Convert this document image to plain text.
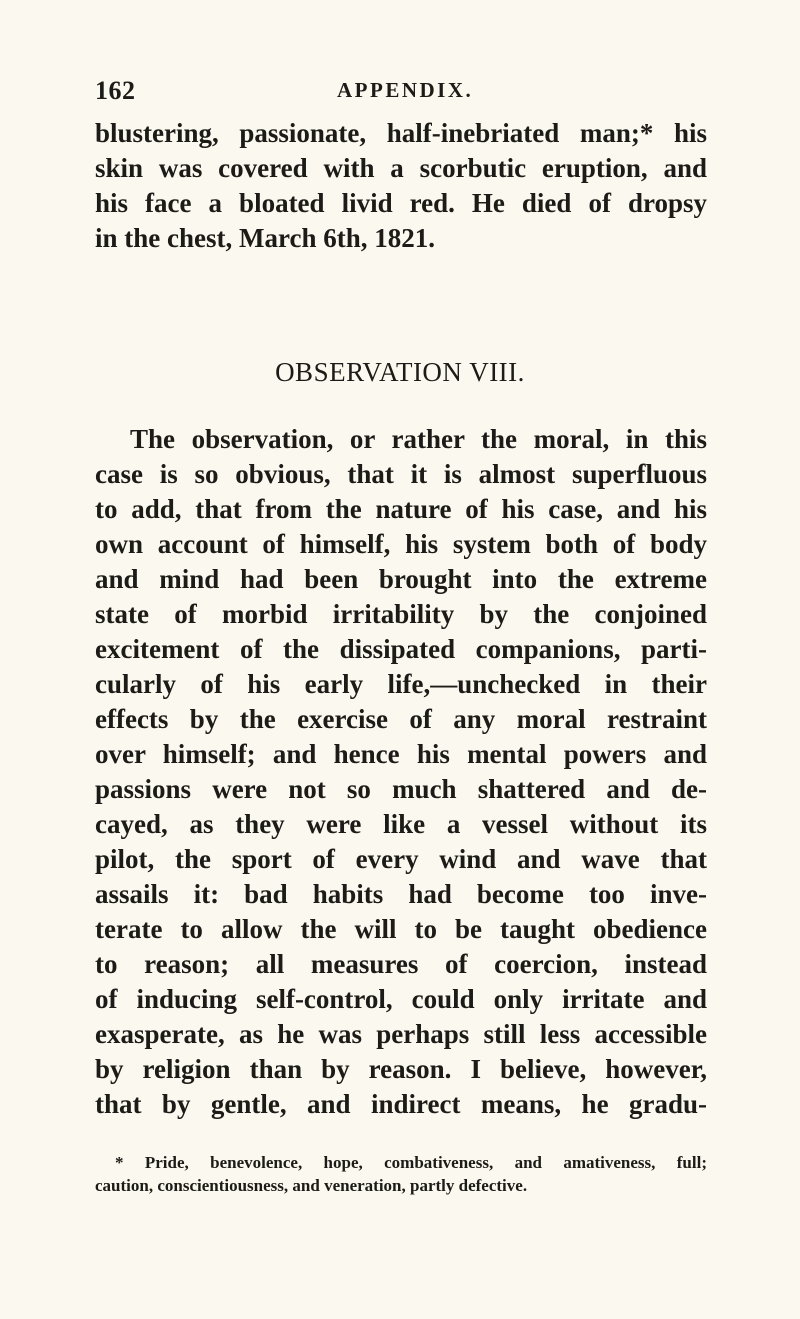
162	APPENDIX.
blustering, passionate, half-inebriated man;* his
skin was covered with a scorbutic eruption, and
his face a bloated livid red. He died of dropsy
in the chest, March 6th, 1821.
OBSERVATION VIII.
The observation, or rather the moral, in this
case is so obvious, that it is almost superfluous
to add, that from the nature of his case, and his
own account of himself, his system both of body
and mind had been brought into the extreme
state of morbid irritability by the conjoined
excitement of the dissipated companions, parti-
cularly of his early life,—unchecked in their
effects by the exercise of any moral restraint
over himself; and hence his mental powers and
passions were not so much shattered and de-
cayed, as they were like a vessel without its
pilot, the sport of every wind and wave that
assails it: bad habits had become too inve-
terate to allow the will to be taught obedience
to reason; all measures of coercion, instead
of inducing self-control, could only irritate and
exasperate, as he was perhaps still less accessible
by religion than by reason. I believe, however,
that by gentle, and indirect means, he gradu-
* Pride, benevolence, hope, combativeness, and amativeness, full;
caution, conscientiousness, and veneration, partly defective.
